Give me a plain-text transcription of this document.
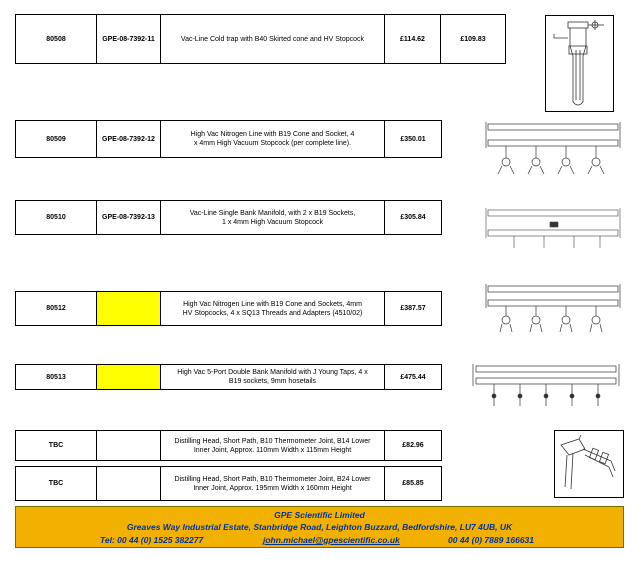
80508	GPE-08-7392-11	Vac-Line Cold trap with B40 Skirted cone and HV Stopcock	£114.62	£109.83
80509	GPE-08-7392-12
High Vac Nitrogen Line with B19 Cone and Socket, 4
x 4mm High Vacuum Stopcock (per complete line).
£350.01
80510	GPE-08-7392-13
Vac-Line Single Bank Manifold, with 2 x B19 Sockets,
1 x 4mm High Vacuum Stopcock
£305.84
80512
High Vac Nitrogen Line with B19 Cone and Sockets, 4mm
HV Stopcocks, 4 x SQ13 Threads and Adapters (4510/02)
£387.57
80513
High Vac 5-Port Double Bank Manifold with J Young Taps, 4 x
B19 sockets, 9mm hosetails
£475.44
TBC
Distilling Head, Short Path, B10 Thermometer Joint, B14 Lower
Inner Joint, Approx. 110mm Width x 115mm Height
£82.96
TBC
Distilling Head, Short Path, B10 Thermometer Joint, B24 Lower
Inner Joint, Approx. 195mm Width x 160mm Height
£85.85
GPE Scientific Limited
Greaves Way Industrial Estate, Stanbridge Road, Leighton Buzzard, Bedfordshire, LU7 4UB, UK
Tel: 00 44 (0) 1525 382277	john.michael@gpescientific.co.uk	00 44 (0) 7889 166631
